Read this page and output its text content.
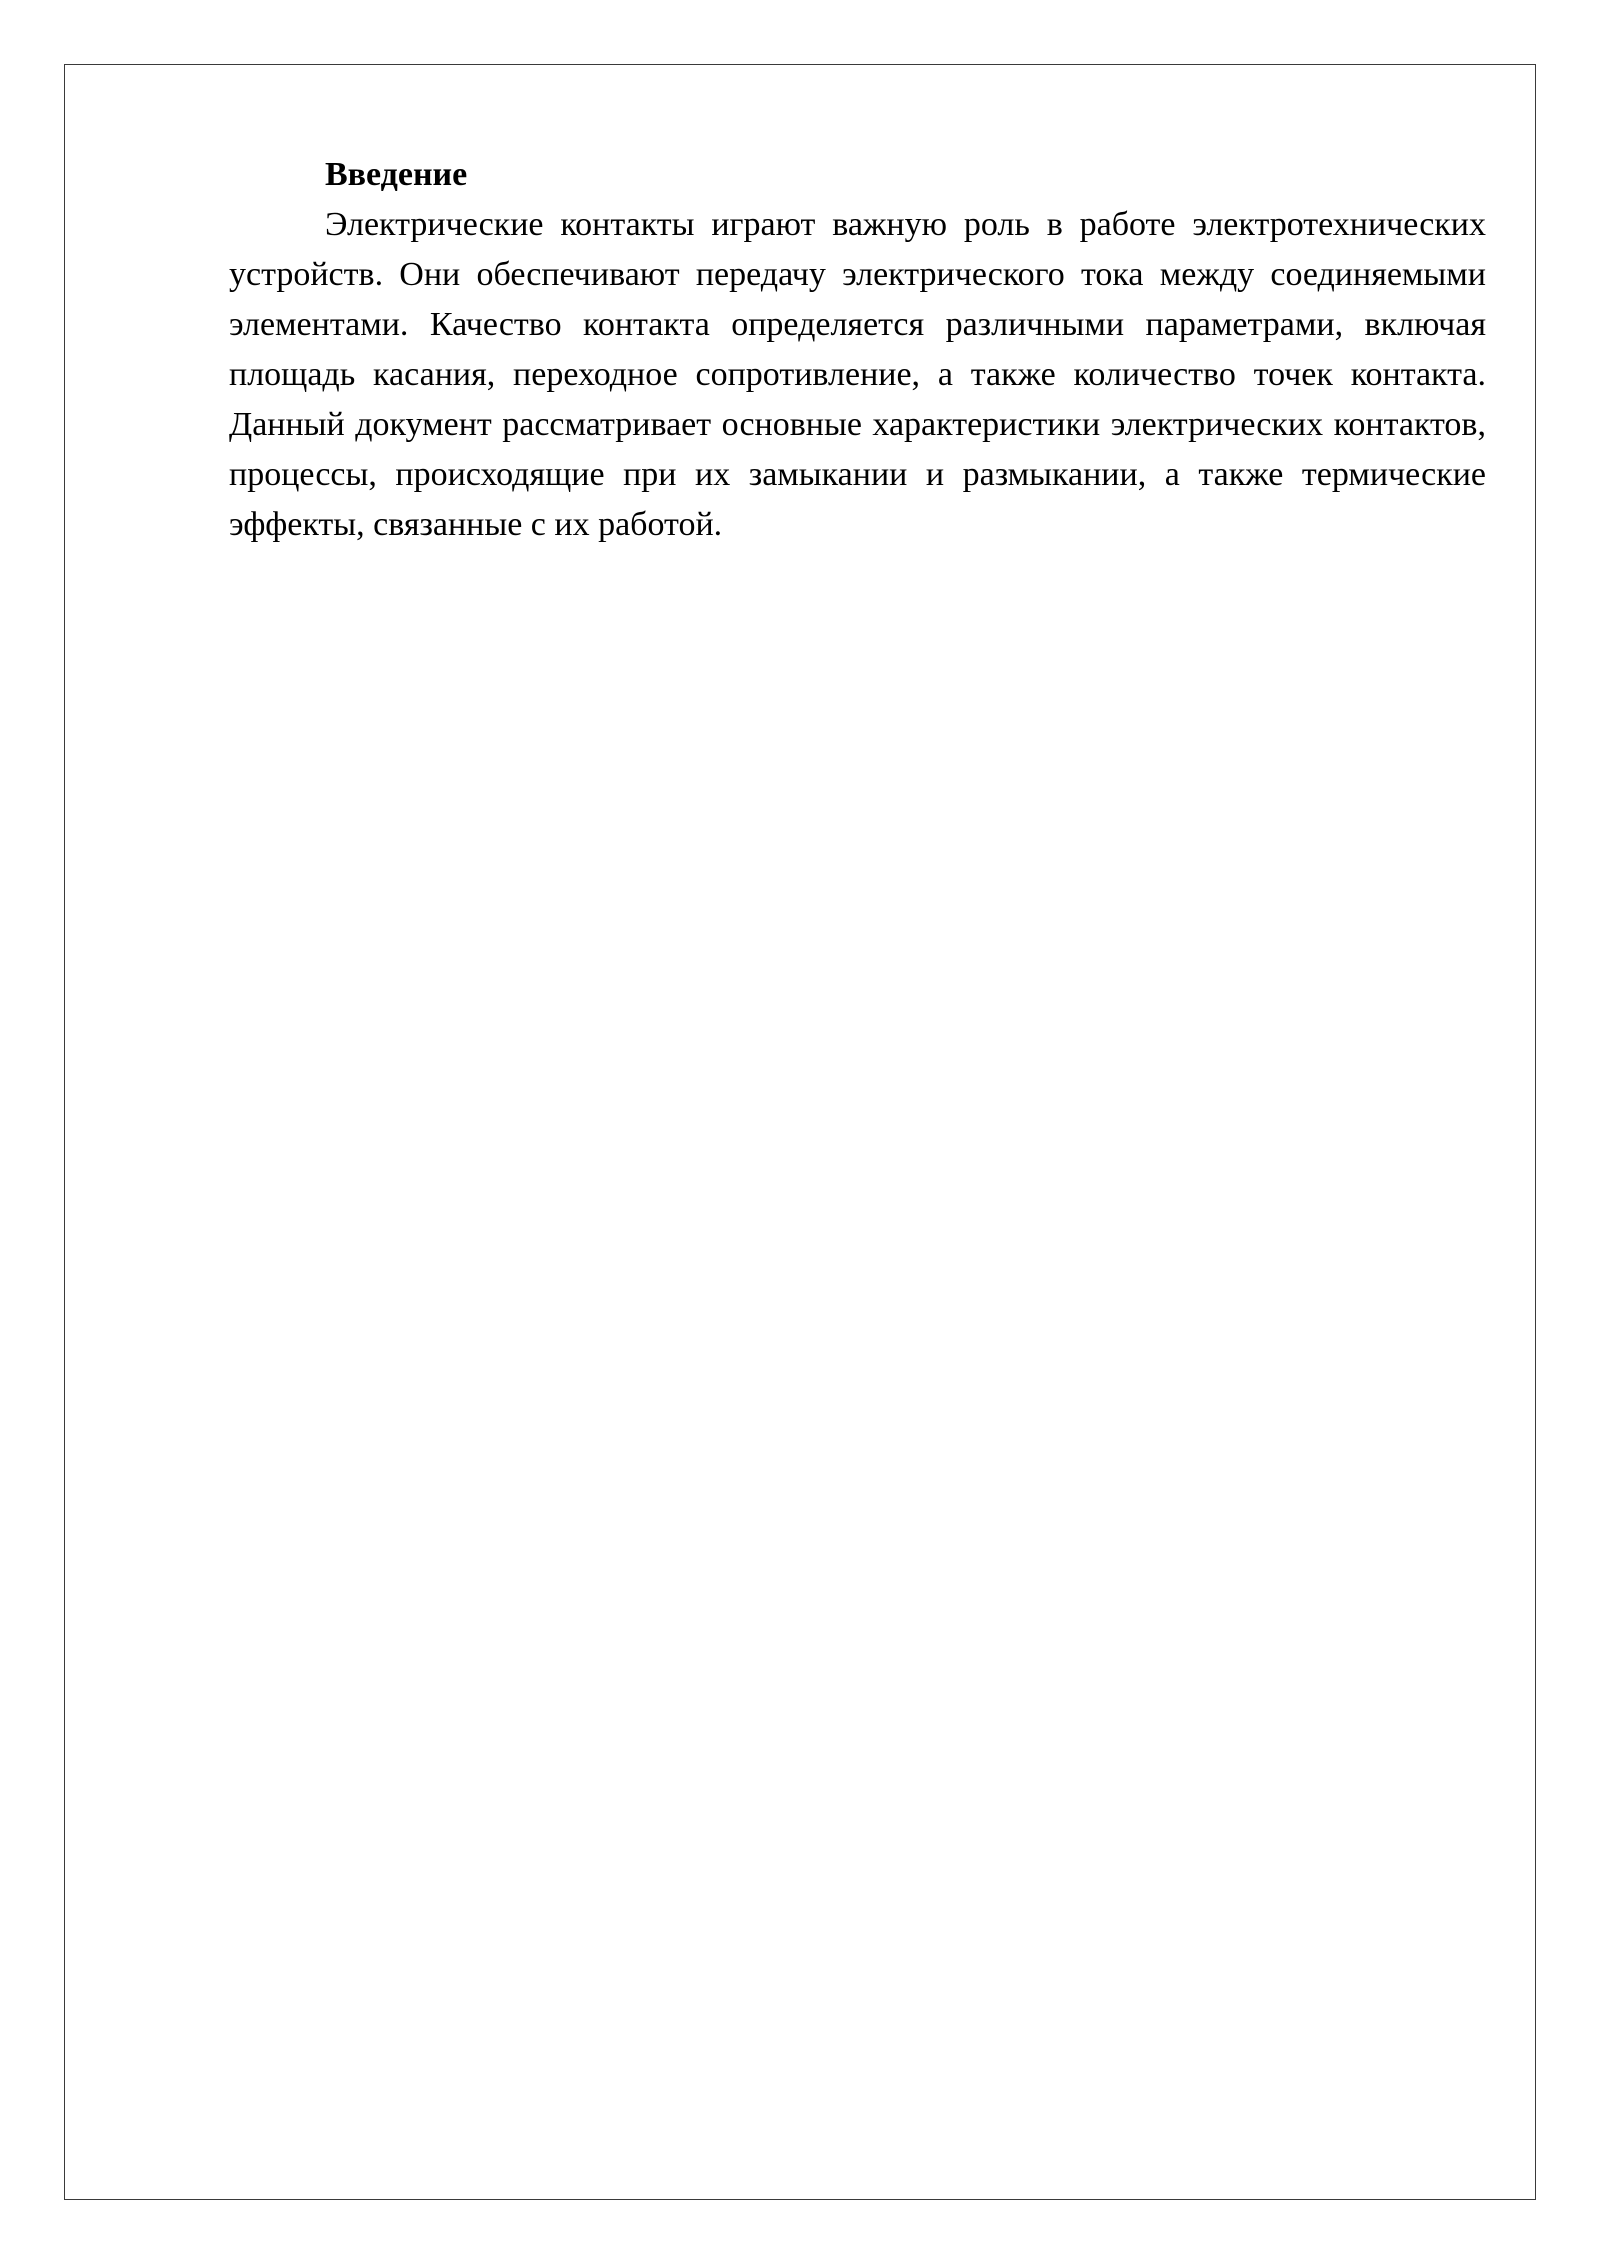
Введение

Электрические контакты играют важную роль в работе электротехнических устройств. Они обеспечивают передачу электрического тока между соединяемыми элементами. Качество контакта определяется различными параметрами, включая площадь касания, переходное сопротивление, а также количество точек контакта. Данный документ рассматривает основные характеристики электрических контактов, процессы, происходящие при их замыкании и размыкании, а также термические эффекты, связанные с их работой.
